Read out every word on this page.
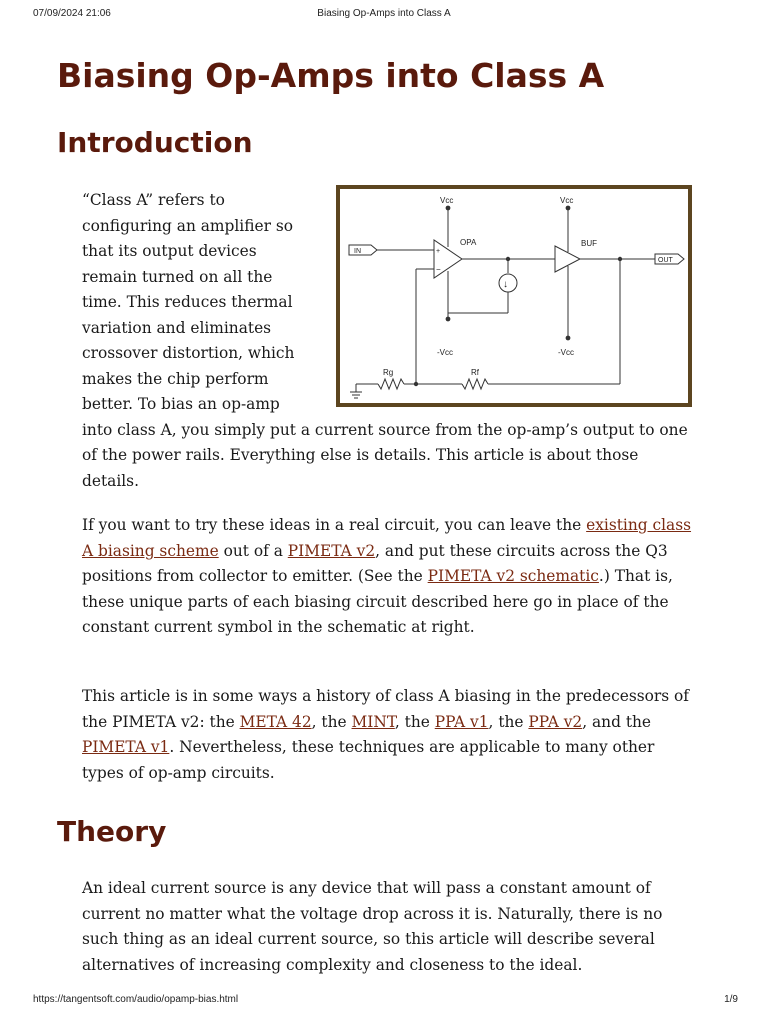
07/09/2024 21:06	Biasing Op-Amps into Class A
Biasing Op-Amps into Class A
Introduction
Vcc	Vcc
OPA	BUF
IN
OUT
+
−
↓
-Vcc	-Vcc
Rg	Rf
“Class A” refers to configuring an amplifier so that its output devices remain turned on all the time. This reduces thermal variation and eliminates crossover distortion, which makes the chip perform better. To bias an op-amp into class A, you simply put a current source from the op-amp’s output to one of the power rails. Everything else is details. This article is about those details.
If you want to try these ideas in a real circuit, you can leave the existing class A biasing scheme out of a PIMETA v2, and put these circuits across the Q3 positions from collector to emitter. (See the PIMETA v2 schematic.) That is, these unique parts of each biasing circuit described here go in place of the constant current symbol in the schematic at right.
This article is in some ways a history of class A biasing in the predecessors of the PIMETA v2: the META 42, the MINT, the PPA v1, the PPA v2, and the PIMETA v1. Nevertheless, these techniques are applicable to many other types of op-amp circuits.
Theory
An ideal current source is any device that will pass a constant amount of current no matter what the voltage drop across it is. Naturally, there is no such thing as an ideal current source, so this article will describe several alternatives of increasing complexity and closeness to the ideal.
https://tangentsoft.com/audio/opamp-bias.html	1/9
